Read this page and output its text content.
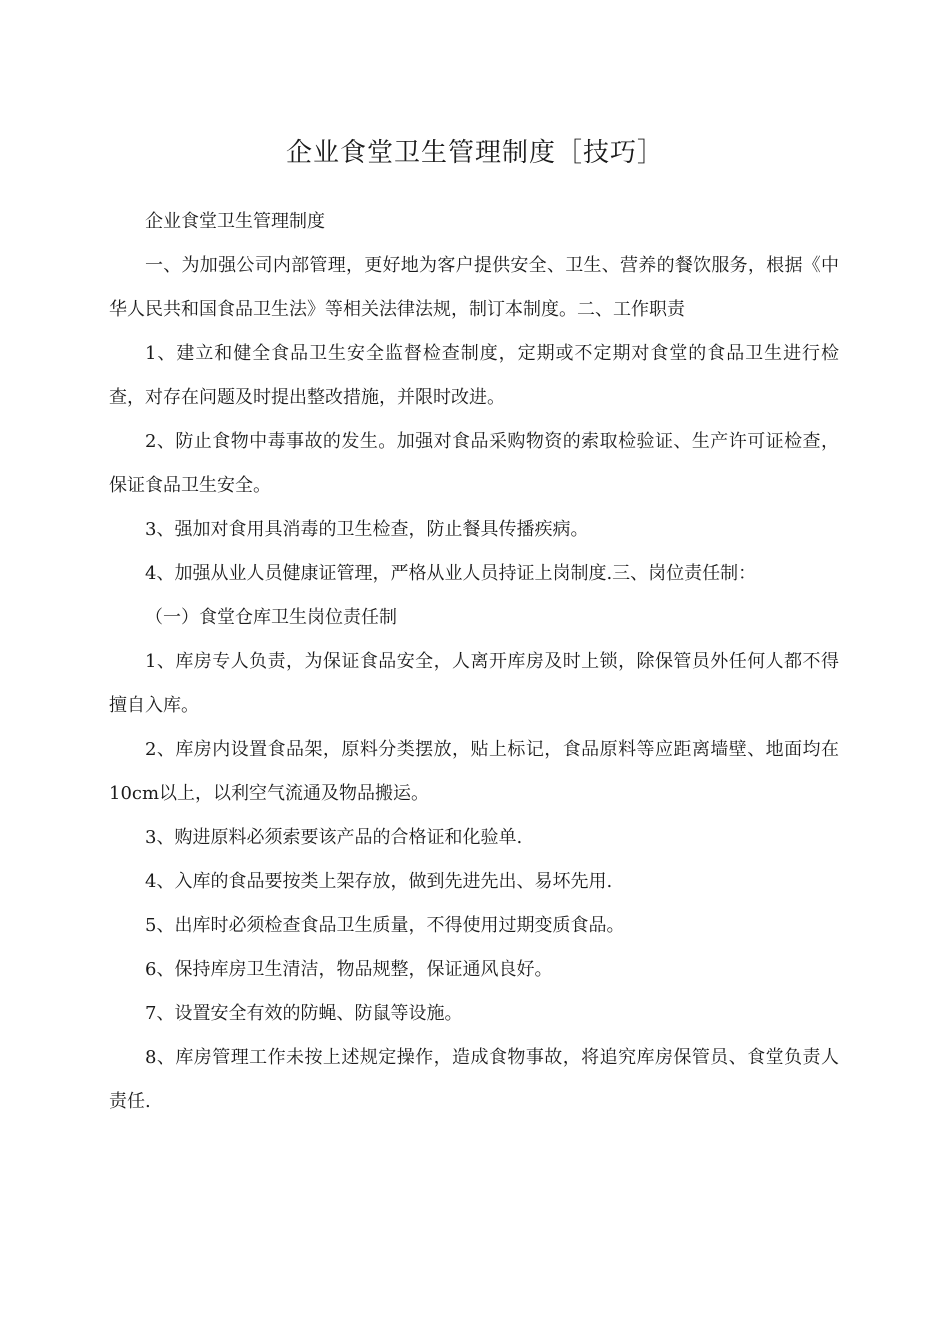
企业食堂卫生管理制度［技巧］

企业食堂卫生管理制度

一、为加强公司内部管理，更好地为客户提供安全、卫生、营养的餐饮服务，根据《中华人民共和国食品卫生法》等相关法律法规，制订本制度。二、工作职责

1、建立和健全食品卫生安全监督检查制度，定期或不定期对食堂的食品卫生进行检查，对存在问题及时提出整改措施，并限时改进。

2、防止食物中毒事故的发生。加强对食品采购物资的索取检验证、生产许可证检查，保证食品卫生安全。

3、强加对食用具消毒的卫生检查，防止餐具传播疾病。

4、加强从业人员健康证管理，严格从业人员持证上岗制度.三、岗位责任制：

（一）食堂仓库卫生岗位责任制

1、库房专人负责，为保证食品安全，人离开库房及时上锁，除保管员外任何人都不得擅自入库。

2、库房内设置食品架，原料分类摆放，贴上标记，食品原料等应距离墙壁、地面均在10cm以上，以利空气流通及物品搬运。

3、购进原料必须索要该产品的合格证和化验单.

4、入库的食品要按类上架存放，做到先进先出、易坏先用.

5、出库时必须检查食品卫生质量，不得使用过期变质食品。

6、保持库房卫生清洁，物品规整，保证通风良好。

7、设置安全有效的防蝇、防鼠等设施。

8、库房管理工作未按上述规定操作，造成食物事故，将追究库房保管员、食堂负责人责任.
